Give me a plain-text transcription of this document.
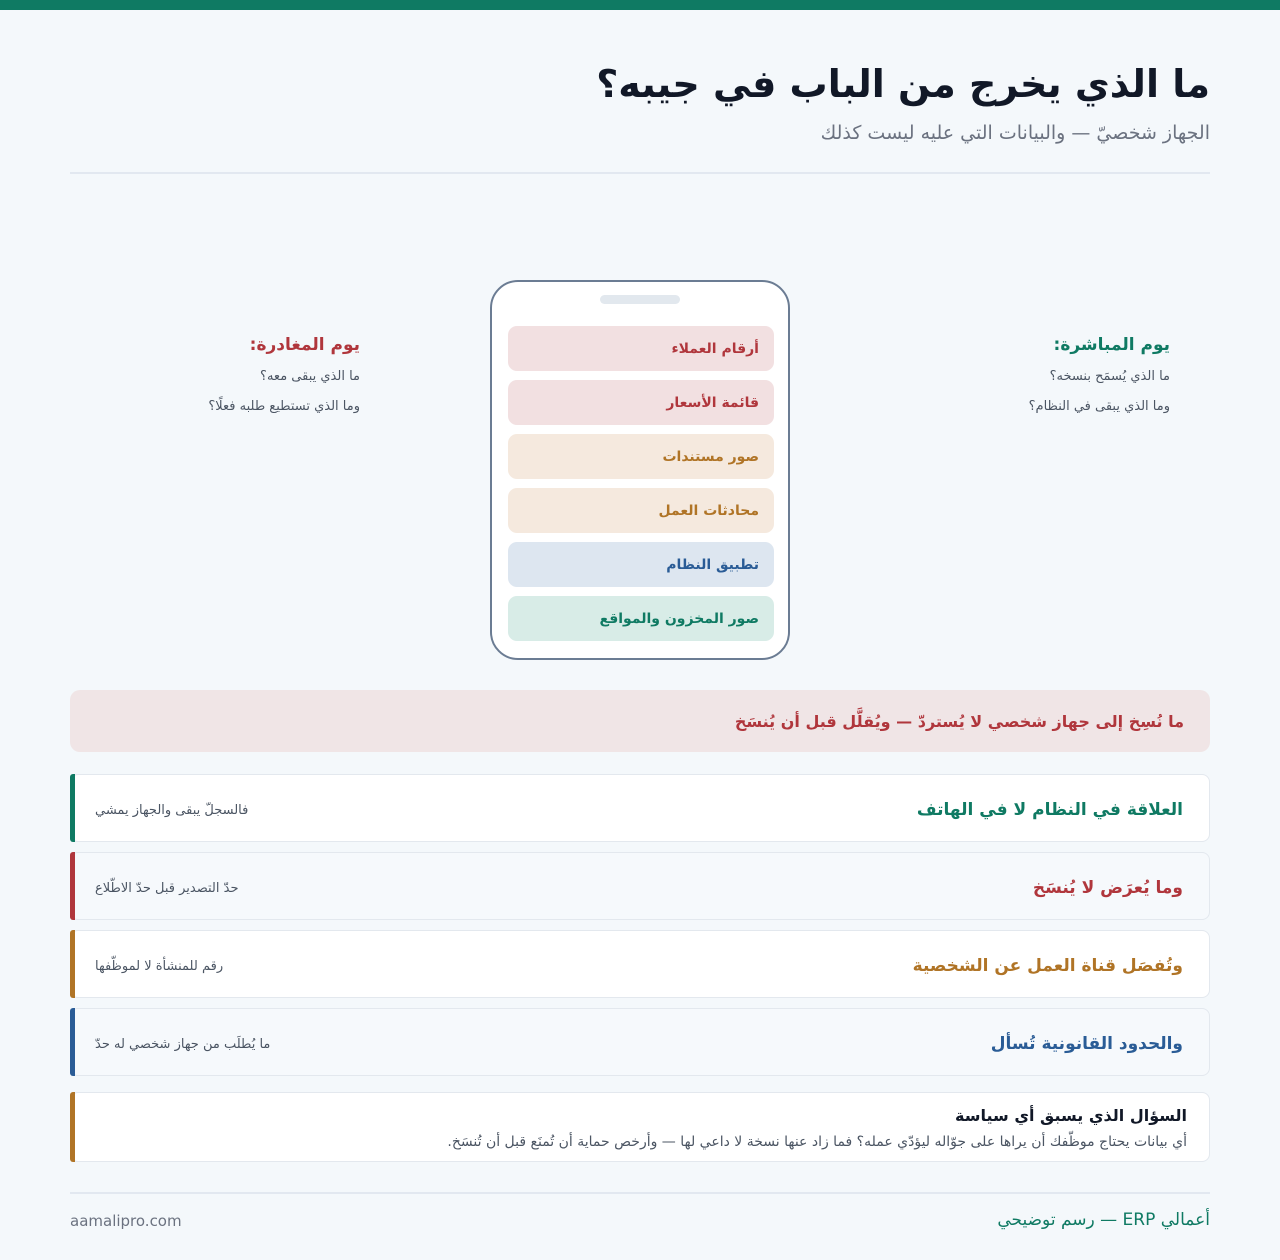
ما الذي يخرج من الباب في جيبه؟
الجهاز شخصيّ — والبيانات التي عليه ليست كذلك
يوم المباشرة:
ما الذي يُسمَح بنسخه؟
وما الذي يبقى في النظام؟
يوم المغادرة:
ما الذي يبقى معه؟
وما الذي تستطيع طلبه فعلًا؟
أرقام العملاء
قائمة الأسعار
صور مستندات
محادثات العمل
تطبيق النظام
صور المخزون والمواقع
ما نُسِخ إلى جهاز شخصي لا يُستردّ — ويُقلَّل قبل أن يُنسَخ
العلاقة في النظام لا في الهاتف
فالسجلّ يبقى والجهاز يمشي
وما يُعرَض لا يُنسَخ
حدّ التصدير قبل حدّ الاطّلاع
وتُفصَل قناة العمل عن الشخصية
رقم للمنشأة لا لموظّفها
والحدود القانونية تُسأل
ما يُطلَب من جهاز شخصي له حدّ
السؤال الذي يسبق أي سياسة
أي بيانات يحتاج موظّفك أن يراها على جوّاله ليؤدّي عمله؟ فما زاد عنها نسخة لا داعي لها — وأرخص حماية أن تُمنَع قبل أن تُنسَخ.
أعمالي ERP — رسم توضيحي
aamalipro.com
